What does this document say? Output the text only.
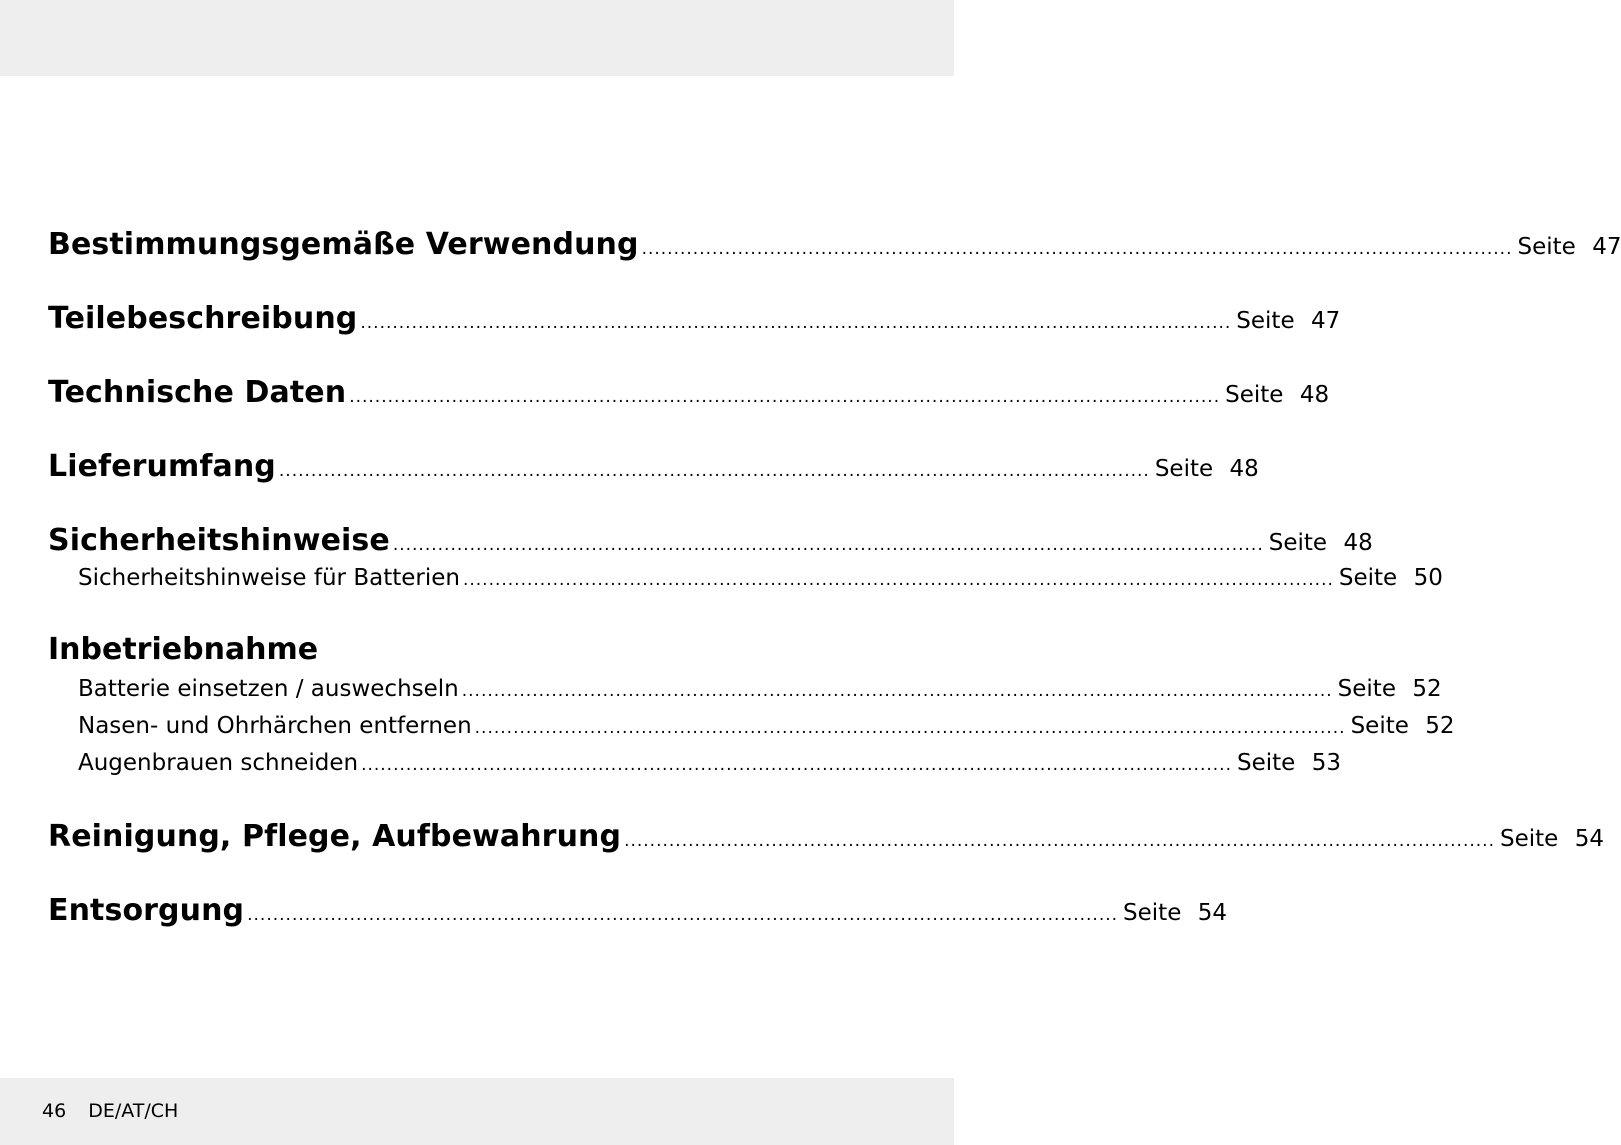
Bestimmungsgemäße Verwendung ........................................................................................................................................ Seite 47
Teilebeschreibung ........................................................................................................................................ Seite 47
Technische Daten ........................................................................................................................................ Seite 48
Lieferumfang ........................................................................................................................................ Seite 48
Sicherheitshinweise ........................................................................................................................................ Seite 48
Sicherheitshinweise für Batterien ........................................................................................................................................ Seite 50
Inbetriebnahme
Batterie einsetzen / auswechseln ........................................................................................................................................ Seite 52
Nasen- und Ohrhärchen entfernen ........................................................................................................................................ Seite 52
Augenbrauen schneiden ........................................................................................................................................ Seite 53
Reinigung, Pflege, Aufbewahrung ........................................................................................................................................ Seite 54
Entsorgung ........................................................................................................................................ Seite 54
46 DE/AT/CH
